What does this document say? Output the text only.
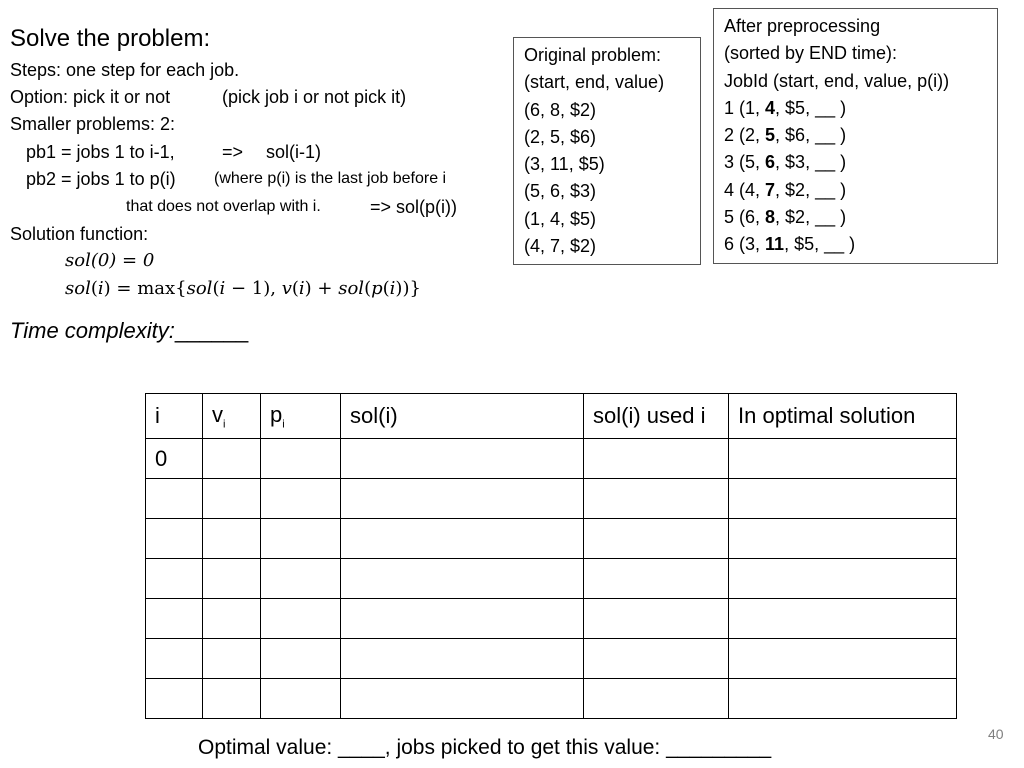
Solve the problem:
Steps: one step for each job.
Option: pick it or not	(pick job i or not pick it)
Smaller problems: 2:
pb1 = jobs 1 to i-1,	=> sol(i-1)
pb2 = jobs 1 to p(i) (where p(i) is the last job before i
that does not overlap with i.	=> sol(p(i))
Solution function:
sol(0) = 0
sol(i) = max{sol(i − 1), v(i) + sol(p(i))}
Time complexity:______
Original problem:
(start, end, value)
(6, 8, $2)
(2, 5, $6)
(3, 11, $5)
(5, 6, $3)
(1, 4, $5)
(4, 7, $2)
After preprocessing
(sorted by END time):
JobId (start, end, value, p(i))
1 (1, 4, $5, __ )
2 (2, 5, $6, __ )
3 (5, 6, $3, __ )
4 (4, 7, $2, __ )
5 (6, 8, $2, __ )
6 (3, 11, $5, __ )
i	$v_i$	$p_i$	sol(i)	sol(i) used i	In optimal solution
0					

Optimal value: ____, jobs picked to get this value: _________
40
